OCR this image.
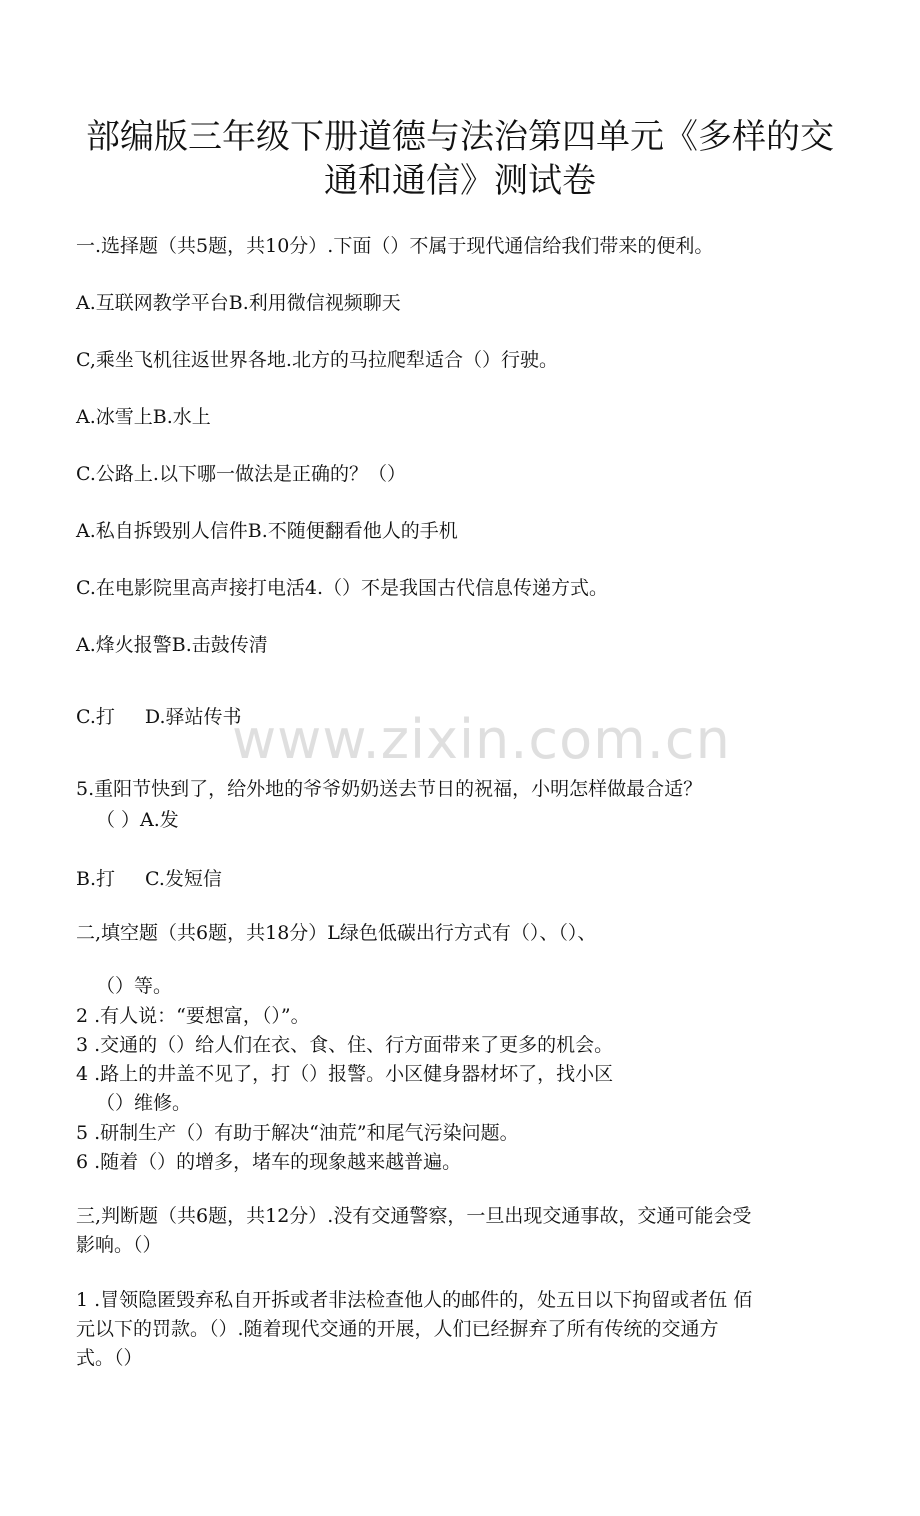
部编版三年级下册道德与法治第四单元《多样的交
通和通信》测试卷
一.选择题（共5题，共10分）.下面（）不属于现代通信给我们带来的便利。
A.互联网教学平台B.利用微信视频聊天
C,乘坐飞机往返世界各地.北方的马拉爬犁适合（）行驶。
A.冰雪上B.水上
C.公路上.以下哪一做法是正确的？（）
A.私自拆毁别人信件B.不随便翻看他人的手机
C.在电影院里高声接打电活4.（）不是我国古代信息传递方式。
A.烽火报警B.击鼓传清
C.打 D.驿站传书
5.重阳节快到了，给外地的爷爷奶奶送去节日的祝福，小明怎样做最合适？
（ ）A.发
B.打 C.发短信
二,填空题（共6题，共18分）L绿色低碳出行方式有（）、（）、
（）等。
2 .有人说：“要想富，（）”。
3 .交通的（）给人们在衣、食、住、行方面带来了更多的机会。
4 .路上的井盖不见了，打（）报警。小区健身器材坏了，找小区
（）维修。
5 .研制生产（）有助于解决“油荒”和尾气污染问题。
6 .随着（）的增多，堵车的现象越来越普遍。
三,判断题（共6题，共12分）.没有交通警察，一旦出现交通事故，交通可能会受
影响。（）
1 .冒领隐匿毁弃私自开拆或者非法检查他人的邮件的，处五日以下拘留或者伍 佰
元以下的罚款。（）.随着现代交通的开展，人们已经摒弃了所有传统的交通方
式。（）
www.zixin.com.cn
